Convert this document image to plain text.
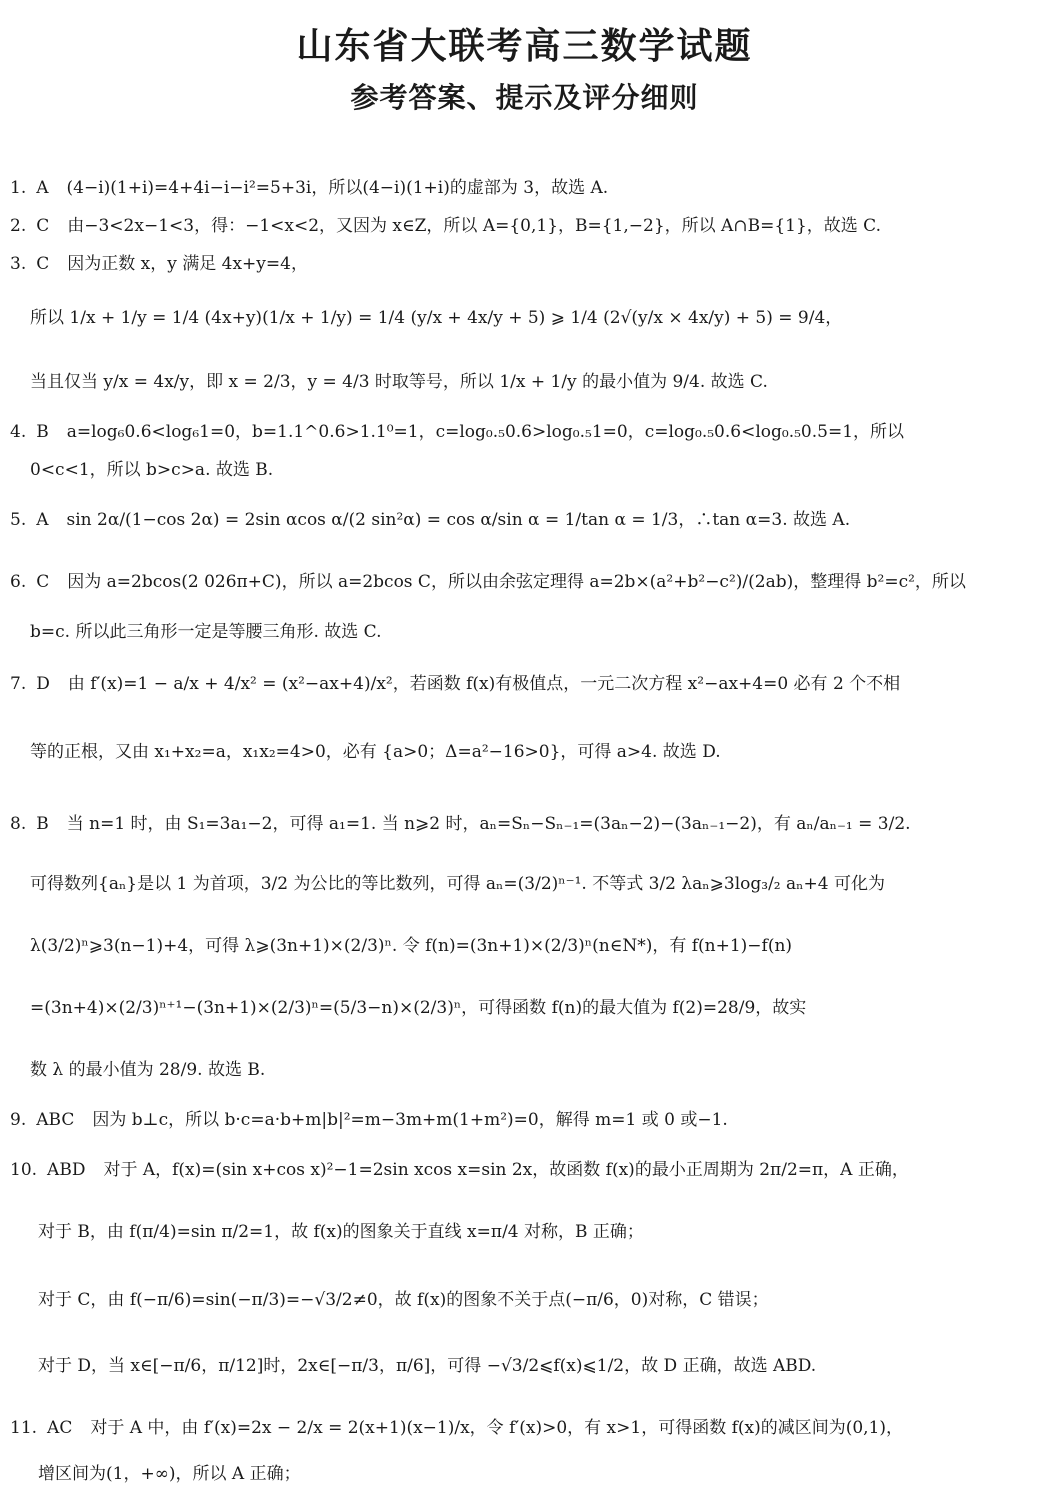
山东省大联考高三数学试题
参考答案、提示及评分细则
1. A (4−i)(1+i)=4+4i−i−i²=5+3i，所以(4−i)(1+i)的虚部为 3，故选 A.
2. C 由−3<2x−1<3，得：−1<x<2，又因为 x∈Z，所以 A={0,1}，B={1,−2}，所以 A∩B={1}，故选 C.
3. C 因为正数 x，y 满足 4x+y=4，
所以 1/x + 1/y = 1/4 (4x+y)(1/x + 1/y) = 1/4 (y/x + 4x/y + 5) ⩾ 1/4 (2√(y/x × 4x/y) + 5) = 9/4，
当且仅当 y/x = 4x/y，即 x = 2/3，y = 4/3 时取等号，所以 1/x + 1/y 的最小值为 9/4. 故选 C.
4. B a=log₆0.6<log₆1=0，b=1.1^0.6>1.1⁰=1，c=log₀.₅0.6>log₀.₅1=0，c=log₀.₅0.6<log₀.₅0.5=1，所以
0<c<1，所以 b>c>a. 故选 B.
5. A sin 2α/(1−cos 2α) = 2sin αcos α/(2 sin²α) = cos α/sin α = 1/tan α = 1/3，∴tan α=3. 故选 A.
6. C 因为 a=2bcos(2 026π+C)，所以 a=2bcos C，所以由余弦定理得 a=2b×(a²+b²−c²)/(2ab)，整理得 b²=c²，所以
b=c. 所以此三角形一定是等腰三角形. 故选 C.
7. D 由 f′(x)=1 − a/x + 4/x² = (x²−ax+4)/x²，若函数 f(x)有极值点，一元二次方程 x²−ax+4=0 必有 2 个不相
等的正根，又由 x₁+x₂=a，x₁x₂=4>0，必有 {a>0；Δ=a²−16>0}，可得 a>4. 故选 D.
8. B 当 n=1 时，由 S₁=3a₁−2，可得 a₁=1. 当 n⩾2 时，aₙ=Sₙ−Sₙ₋₁=(3aₙ−2)−(3aₙ₋₁−2)，有 aₙ/aₙ₋₁ = 3/2.
可得数列{aₙ}是以 1 为首项，3/2 为公比的等比数列，可得 aₙ=(3/2)ⁿ⁻¹. 不等式 3/2 λaₙ⩾3log₃/₂ aₙ+4 可化为
λ(3/2)ⁿ⩾3(n−1)+4，可得 λ⩾(3n+1)×(2/3)ⁿ. 令 f(n)=(3n+1)×(2/3)ⁿ(n∈N*)，有 f(n+1)−f(n)
=(3n+4)×(2/3)ⁿ⁺¹−(3n+1)×(2/3)ⁿ=(5/3−n)×(2/3)ⁿ，可得函数 f(n)的最大值为 f(2)=28/9，故实
数 λ 的最小值为 28/9. 故选 B.
9. ABC 因为 b⊥c，所以 b·c=a·b+m|b|²=m−3m+m(1+m²)=0，解得 m=1 或 0 或−1.
10. ABD 对于 A，f(x)=(sin x+cos x)²−1=2sin xcos x=sin 2x，故函数 f(x)的最小正周期为 2π/2=π，A 正确，
对于 B，由 f(π/4)=sin π/2=1，故 f(x)的图象关于直线 x=π/4 对称，B 正确；
对于 C，由 f(−π/6)=sin(−π/3)=−√3/2≠0，故 f(x)的图象不关于点(−π/6，0)对称，C 错误；
对于 D，当 x∈[−π/6，π/12]时，2x∈[−π/3，π/6]，可得 −√3/2⩽f(x)⩽1/2，故 D 正确，故选 ABD.
11. AC 对于 A 中，由 f′(x)=2x − 2/x = 2(x+1)(x−1)/x，令 f′(x)>0，有 x>1，可得函数 f(x)的减区间为(0,1)，
增区间为(1，+∞)，所以 A 正确；
